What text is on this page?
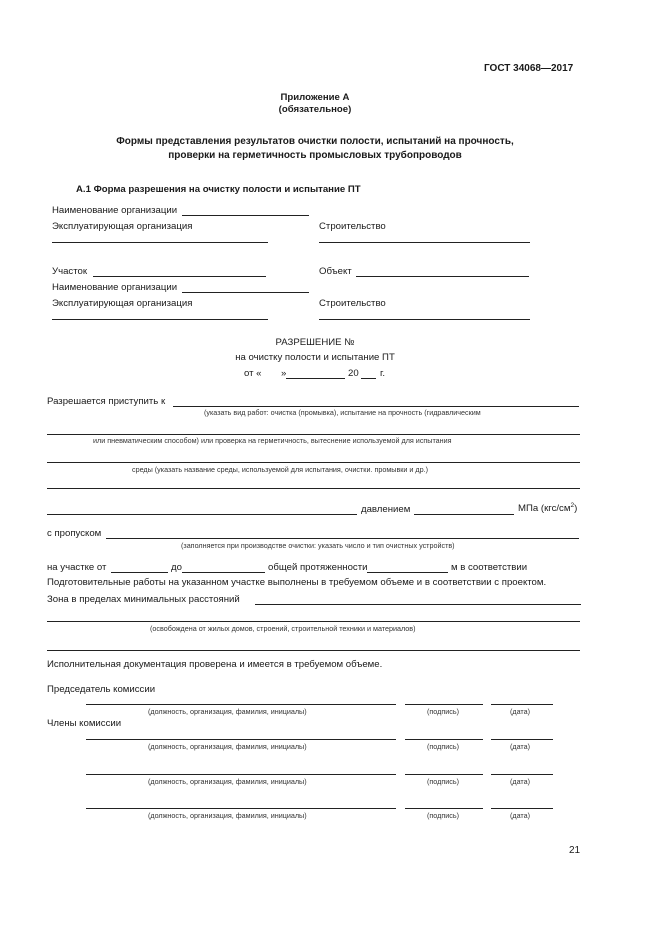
ГОСТ 34068—2017
Приложение А
(обязательное)
Формы представления результатов очистки полости, испытаний на прочность,
проверки на герметичность промысловых трубопроводов
А.1 Форма разрешения на очистку полости и испытание ПТ
Наименование организации
Эксплуатирующая организация	Строительство
Участок	Объект
Наименование организации
Эксплуатирующая организация	Строительство
РАЗРЕШЕНИЕ №
на очистку полости и испытание ПТ
от « »	20 г.
Разрешается приступить к
(указать вид работ: очистка (промывка), испытание на прочность (гидравлическим
или пневматическим способом) или проверка на герметичность, вытеснение используемой для испытания
среды (указать название среды, используемой для испытания, очистки. промывки и др.)
давлением	МПа $(кгс/см^2)$
с пропуском
(заполняется при производстве очистки: указать число и тип очистных устройств)
на участке от	до	общей протяженности	м в соответствии
Подготовительные работы на указанном участке выполнены в требуемом объеме и в соответствии с проектом.
Зона в пределах минимальных расстояний
(освобождена от жилых домов, строений, строительной техники и материалов)
Исполнительная документация проверена и имеется в требуемом объеме.
Председатель комиссии
(должность, организация, фамилия, инициалы)	(подпись)	(дата)
Члены комиссии
(должность, организация, фамилия, инициалы)	(подпись)	(дата)
(должность, организация, фамилия, инициалы)	(подпись)	(дата)
(должность, организация, фамилия, инициалы)	(подпись)	(дата)
21
